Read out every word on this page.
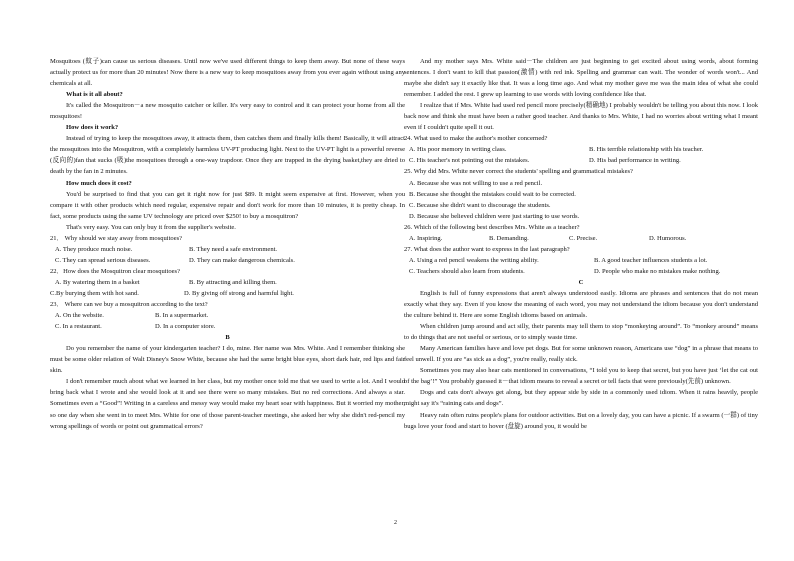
Mosquitoes (蚊子)can cause us serious diseases. Until now we've used different things to keep them away. But none of these ways actually protect us for more than 20 minutes! Now there is a new way to keep mosquitoes away from you ever again without using any chemicals at all.

What is it all about?

It's called the Mosquitron－a new mosquito catcher or killer. It's very easy to control and it can protect your home from all the mosquitoes!

How does it work?

Instead of trying to keep the mosquitoes away, it attracts them, then catches them and finally kills them! Basically, it will attract the mosquitoes into the Mosquitron, with a completely harmless UV-PT producing light. Next to the UV-PT light is a powerful reverse (反向的)fan that sucks (吸)the mosquitoes through a one-way trapdoor. Once they are trapped in the drying basket,they are dried to death by the fan in 2 minutes.

How much does it cost?

You'd be surprised to find that you can get it right now for just $89. It might seem expensive at first. However, when you compare it with other products which need regular, expensive repair and don't work for more than 10 minutes, it is pretty cheap. In fact, some products using the same UV technology are priced over $250! to buy a mosquitron?

That's very easy. You can only buy it from the supplier's website.

21． Why should we stay away from mosquitoes?

A. They produce much noise.	B. They need a safe environment.
C. They can spread serious diseases.	D. They can make dangerous chemicals.

22．How does the Mosquitron clear mosquitoes?

A. By watering them in a basket	B. By attracting and killing them.
C.By burying them with hot sand.	D. By giving off strong and harmful light.

23． Where can we buy a mosquitron according to the text?

A. On the website.	B. In a supermarket.
C. In a restaurant.	D. In a computer store.

B

Do you remember the name of your kindergarten teacher? I do, mine. Her name was Mrs. White. And I remember thinking she must be some older relation of Walt Disney's Snow White, because she had the same bright blue eyes, short dark hair, red lips and fair skin.

I don't remember much about what we learned in her class, but my mother once told me that we used to write a lot. And I would bring back what I wrote and she would look at it and see there were so many mistakes. But no red corrections. And always a star. Sometimes even a “Good”! Writing in a careless and messy way would make my heart soar with happiness. But it worried my mother, so one day when she went in to meet Mrs. White for one of those parent-teacher meetings, she asked her why she didn't red-pencil my wrong spellings of words or point out grammatical errors?

And my mother says Mrs. White said－The children are just beginning to get excited about using words, about forming sentences. I don't want to kill that passion(激情) with red ink. Spelling and grammar can wait. The wonder of words won't... And maybe she didn't say it exactly like that. It was a long time ago. And what my mother gave me was the main idea of what she could remember. I added the rest. I grew up learning to use words with loving confidence like that.

I realize that if Mrs. White had used red pencil more precisely(精确地) I probably wouldn't be telling you about this now. I look back now and think she must have been a rather good teacher. And thanks to Mrs. White, I had no worries about writing what I meant even if I couldn't quite spell it out.

24. What used to make the author's mother concerned?

A. His poor memory in writing class.	B. His terrible relationship with his teacher.
C. His teacher's not pointing out the mistakes.	D. His bad performance in writing.

25. Why did Mrs. White never correct the students' spelling and grammatical mistakes?

A. Because she was not willing to use a red pencil.

B. Because she thought the mistakes could wait to be corrected.

C. Because she didn't want to discourage the students.

D. Because she believed children were just starting to use words.

26. Which of the following best describes Mrs. White as a teacher?

A. Inspiring.	B. Demanding.	C. Precise.	D. Humorous.

27. What does the author want to express in the last paragraph?

A. Using a red pencil weakens the writing ability.	B. A good teacher influences students a lot.
C. Teachers should also learn from students.	D. People who make no mistakes make nothing.

C

English is full of funny expressions that aren't always understood easily. Idioms are phrases and sentences that do not mean exactly what they say. Even if you know the meaning of each word, you may not understand the idiom because you don't understand the culture behind it. Here are some English idioms based on animals.

When children jump around and act silly, their parents may tell them to stop “monkeying around”. To “monkey around” means to do things that are not useful or serious, or to simply waste time.

Many American families have and love pet dogs. But for some unknown reason, Americans use “dog” in a phrase that means to feel unwell. If you are “as sick as a dog”, you're really, really sick.

Sometimes you may also hear cats mentioned in conversations, “I told you to keep that secret, but you have just ‘let the cat out of the bag’!” You probably guessed it－that idiom means to reveal a secret or tell facts that were previously(先前) unknown.

Dogs and cats don't always get along, but they appear side by side in a commonly used idiom. When it rains heavily, people might say it's “raining cats and dogs”.

Heavy rain often ruins people's plans for outdoor activities. But on a lovely day, you can have a picnic. If a swarm (一群) of tiny bugs love your food and start to hover (盘旋) around you, it would be

2
